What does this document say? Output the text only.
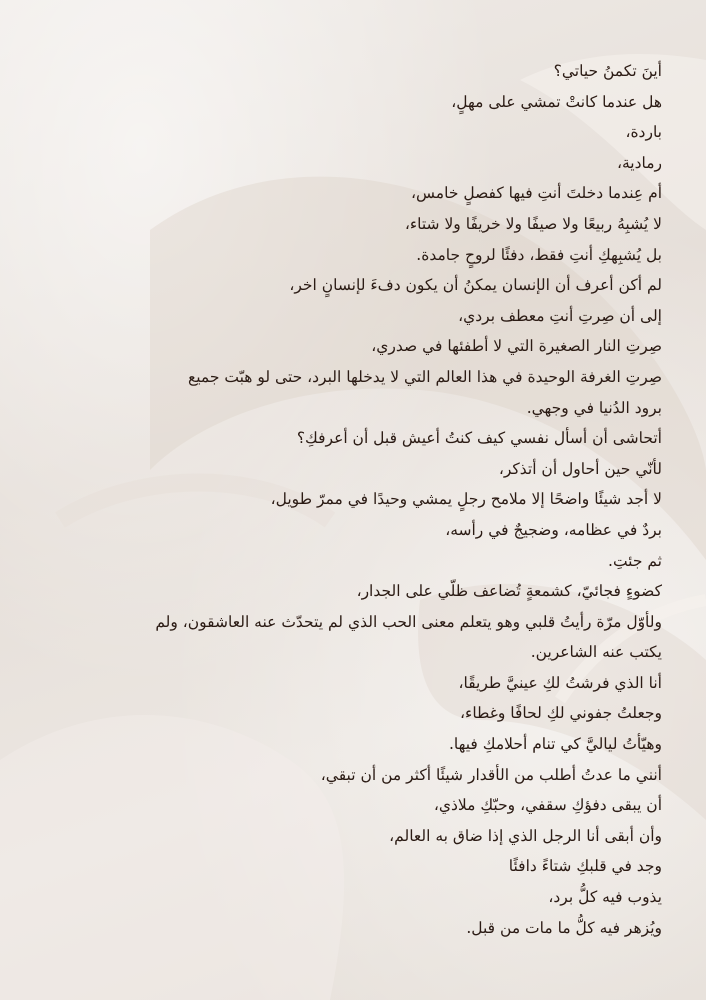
أينَ تكمنُ حياتي؟
هل عندما كانتْ تمشي على مهلٍ،
باردة،
رمادية،
أم عِندما دخلتَ أنتِ فيها كفصلٍ خامس،
لا يُشبِهُ ربيعًا ولا صيفًا ولا خريفًا ولا شتاء،
بل يُشبِهكِ أنتِ فقط، دفئًا لروحٍ جامدة.
لم أكن أعرف أن الإنسان يمكنُ أن يكون دفءَ لإنسانٍ اخر،
إلى أن صِرتِ أنتِ معطف بردي،
صِرتِ النار الصغيرة التي لا أطفئها في صدري،
صِرتِ الغرفة الوحيدة في هذا العالم التي لا يدخلها البرد، حتى لو هبّت جميع
برود الدُنيا في وجهي.
أتحاشى أن أسأل نفسي كيف كنتُ أعيش قبل أن أعرفكِ؟
لأنّي حين أحاول أن أتذكر،
لا أجد شيئًا واضحًا إلا ملامح رجلٍ يمشي وحيدًا في ممرّ طويل،
بردٌ في عظامه، وضجيجٌ في رأسه،
ثم جئتِ.
كضوءٍ فجائيّ، كشمعةٍ تُضاعف ظلّي على الجدار،
ولأوّل مرّة رأيتُ قلبي وهو يتعلم معنى الحب الذي لم يتحدّث عنه العاشقون، ولم
يكتب عنه الشاعرين.
أنا الذي فرشتُ لكِ عينيَّ طريقًا،
وجعلتُ جفوني لكِ لحافًا وغطاء،
وهيّأتُ لياليَّ كي تنام أحلامكِ فيها.
أنني ما عدتُ أطلب من الأقدار شيئًا أكثر من أن تبقي،
أن يبقى دفؤكِ سقفي، وحبّكِ ملاذي،
وأن أبقى أنا الرجل الذي إذا ضاق به العالم،
وجد في قلبكِ شتاءً دافئًا
يذوب فيه كلُّ برد،
ويُزهر فيه كلُّ ما مات من قبل.
